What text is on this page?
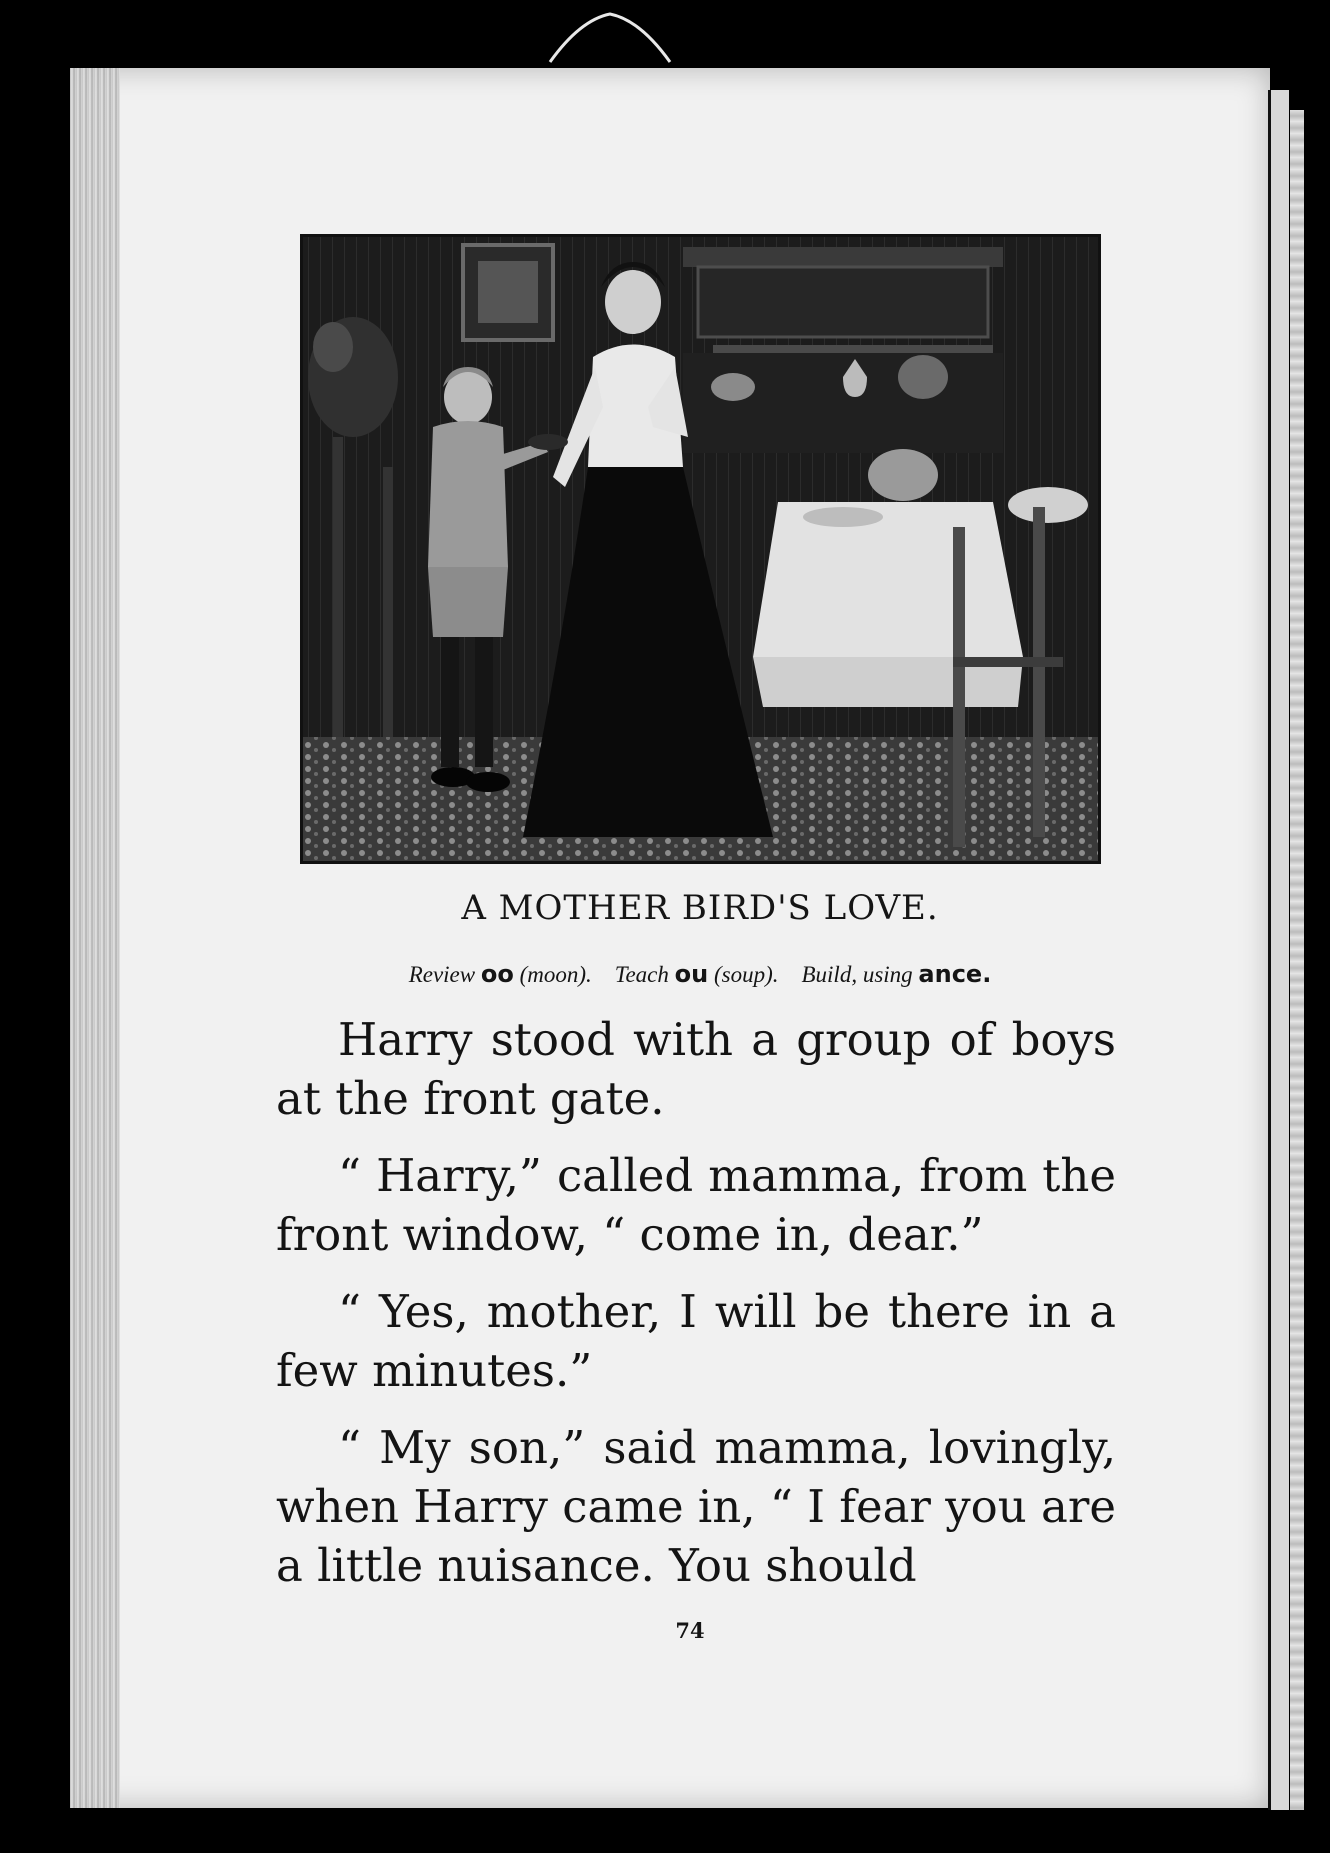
A MOTHER BIRD'S LOVE.
Review oo (moon). Teach ou (soup). Build, using ance.

Harry stood with a group of boys at the front gate.

“ Harry,” called mamma, from the front window, “ come in, dear.”

“ Yes, mother, I will be there in a few minutes.”

“ My son,” said mamma, lovingly, when Harry came in, “ I fear you are a little nuisance. You should

74
